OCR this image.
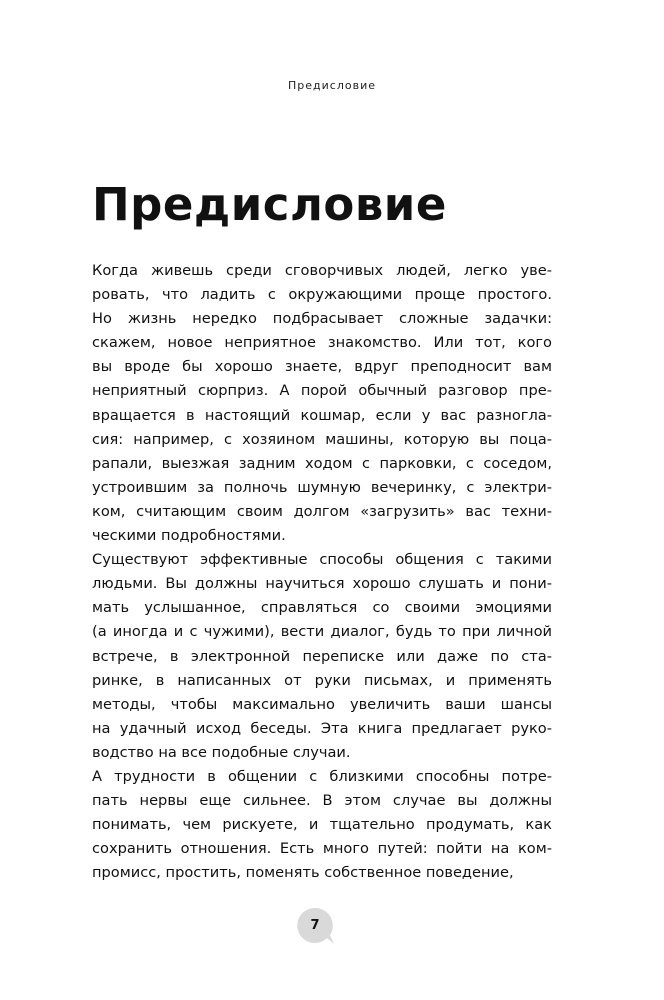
Предисловие
Предисловие
Когда живешь среди сговорчивых людей, легко уве-
ровать, что ладить с окружающими проще простого.
Но жизнь нередко подбрасывает сложные задачки:
скажем, новое неприятное знакомство. Или тот, кого
вы вроде бы хорошо знаете, вдруг преподносит вам
неприятный сюрприз. А порой обычный разговор пре-
вращается в настоящий кошмар, если у вас разногла-
сия: например, с хозяином машины, которую вы поца-
рапали, выезжая задним ходом с парковки, с соседом,
устроившим за полночь шумную вечеринку, с электри-
ком, считающим своим долгом «загрузить» вас техни-
ческими подробностями.
Существуют эффективные способы общения с такими
людьми. Вы должны научиться хорошо слушать и пони-
мать услышанное, справляться со своими эмоциями
(а иногда и с чужими), вести диалог, будь то при личной
встрече, в электронной переписке или даже по ста-
ринке, в написанных от руки письмах, и применять
методы, чтобы максимально увеличить ваши шансы
на удачный исход беседы. Эта книга предлагает руко-
водство на все подобные случаи.
А трудности в общении с близкими способны потре-
пать нервы еще сильнее. В этом случае вы должны
понимать, чем рискуете, и тщательно продумать, как
сохранить отношения. Есть много путей: пойти на ком-
промисс, простить, поменять собственное поведение,
7
